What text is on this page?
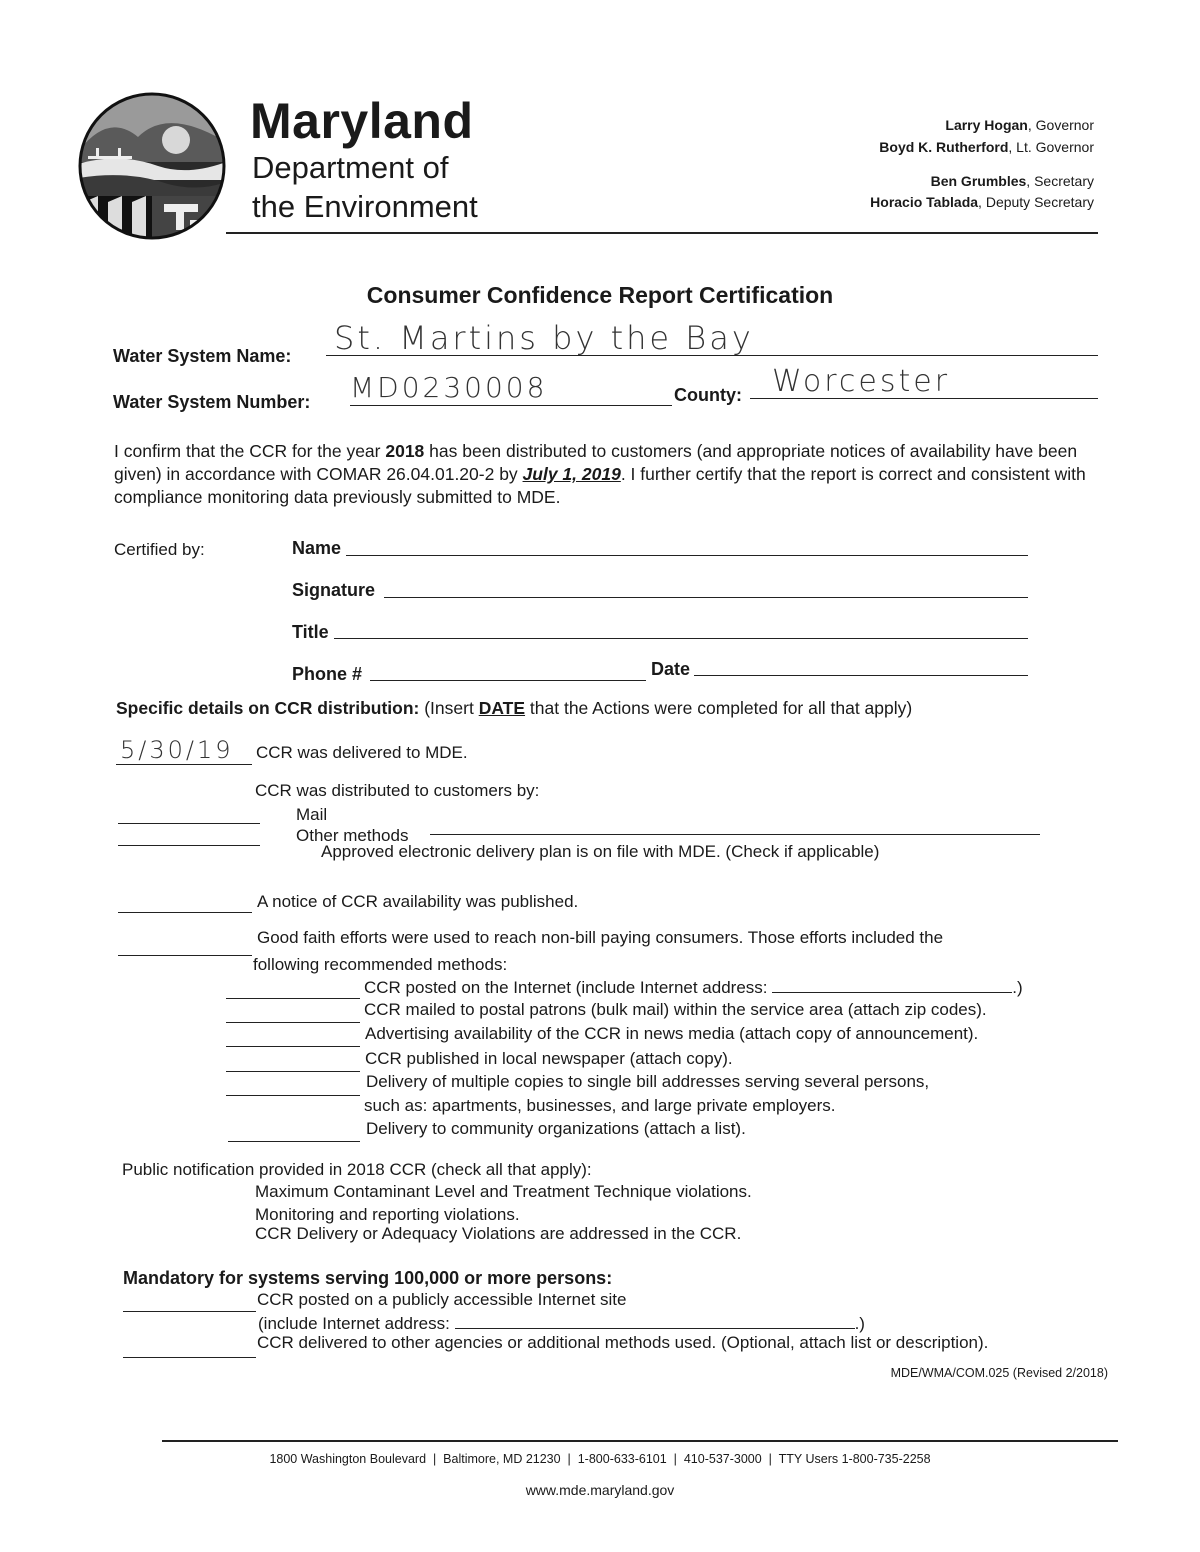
Maryland
Department of
the Environment
Larry Hogan, Governor
Boyd K. Rutherford, Lt. Governor
Ben Grumbles, Secretary
Horacio Tablada, Deputy Secretary
Consumer Confidence Report Certification
Water System Name: St. Martins by the Bay
Water System Number: MD0230008	County: Worcester
I confirm that the CCR for the year 2018 has been distributed to customers (and appropriate notices of availability have been given) in accordance with COMAR 26.04.01.20-2 by July 1, 2019. I further certify that the report is correct and consistent with compliance monitoring data previously submitted to MDE.
Certified by:	Name
Signature
Title
Phone #	Date
Specific details on CCR distribution: (Insert DATE that the Actions were completed for all that apply)
5/30/19 CCR was delivered to MDE.
CCR was distributed to customers by:
Mail
Other methods
Approved electronic delivery plan is on file with MDE. (Check if applicable)
A notice of CCR availability was published.
Good faith efforts were used to reach non-bill paying consumers. Those efforts included the
following recommended methods:
CCR posted on the Internet (include Internet address:	.)
CCR mailed to postal patrons (bulk mail) within the service area (attach zip codes).
Advertising availability of the CCR in news media (attach copy of announcement).
CCR published in local newspaper (attach copy).
Delivery of multiple copies to single bill addresses serving several persons,
such as: apartments, businesses, and large private employers.
Delivery to community organizations (attach a list).
Public notification provided in 2018 CCR (check all that apply):
Maximum Contaminant Level and Treatment Technique violations.
Monitoring and reporting violations.
CCR Delivery or Adequacy Violations are addressed in the CCR.
Mandatory for systems serving 100,000 or more persons:
CCR posted on a publicly accessible Internet site
(include Internet address:	.)
CCR delivered to other agencies or additional methods used. (Optional, attach list or description).
MDE/WMA/COM.025 (Revised 2/2018)
1800 Washington Boulevard  |  Baltimore, MD 21230  |  1-800-633-6101  |  410-537-3000  |  TTY Users 1-800-735-2258
www.mde.maryland.gov
